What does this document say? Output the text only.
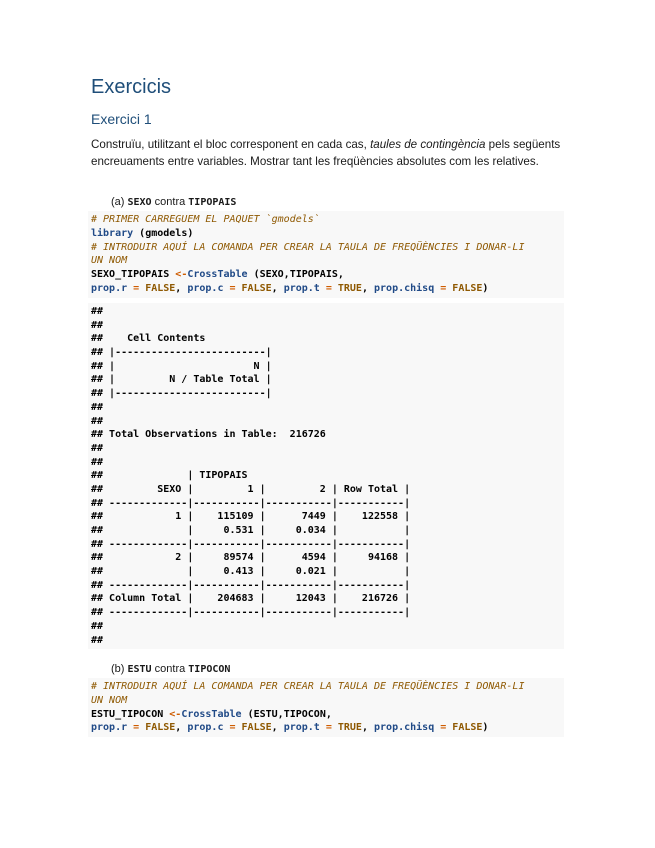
Exercicis
Exercici 1
Construïu, utilitzant el bloc corresponent en cada cas, taules de contingència pels següents encreuaments entre variables. Mostrar tant les freqüències absolutes com les relatives.
(a) SEXO contra TIPOPAIS
# PRIMER CARREGUEM EL PAQUET `gmodels`
library (gmodels)
# INTRODUIR AQUÍ LA COMANDA PER CREAR LA TAULA DE FREQÜÈNCIES I DONAR-LI
UN NOM
SEXO_TIPOPAIS <-CrossTable (SEXO,TIPOPAIS,
prop.r = FALSE, prop.c = FALSE, prop.t = TRUE, prop.chisq = FALSE)
##
##
##    Cell Contents
## |-------------------------|
## |                       N |
## |         N / Table Total |
## |-------------------------|
##
##
## Total Observations in Table:  216726
##
##
##              | TIPOPAIS
##         SEXO |         1 |         2 | Row Total |
## -------------|-----------|-----------|-----------|
##            1 |    115109 |      7449 |    122558 |
##              |     0.531 |     0.034 |           |
## -------------|-----------|-----------|-----------|
##            2 |     89574 |      4594 |     94168 |
##              |     0.413 |     0.021 |           |
## -------------|-----------|-----------|-----------|
## Column Total |    204683 |     12043 |    216726 |
## -------------|-----------|-----------|-----------|
##
##
(b) ESTU contra TIPOCON
# INTRODUIR AQUÍ LA COMANDA PER CREAR LA TAULA DE FREQÜÈNCIES I DONAR-LI
UN NOM
ESTU_TIPOCON <-CrossTable (ESTU,TIPOCON,
prop.r = FALSE, prop.c = FALSE, prop.t = TRUE, prop.chisq = FALSE)
